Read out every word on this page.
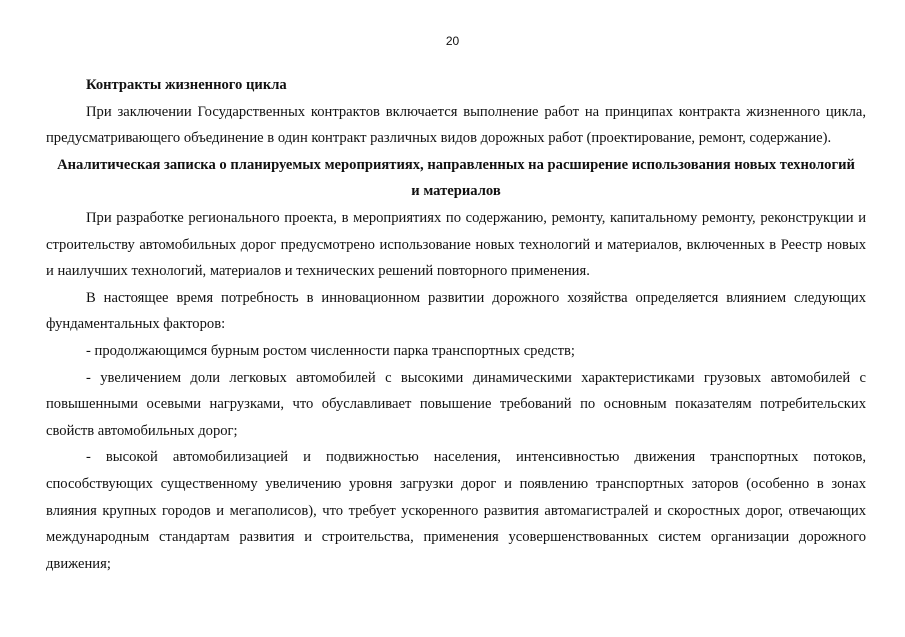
20

Контракты жизненного цикла

При заключении Государственных контрактов включается выполнение работ на принципах контракта жизненного цикла, предусматривающего объединение в один контракт различных видов дорожных работ (проектирование, ремонт, содержание).

Аналитическая записка о планируемых мероприятиях, направленных на расширение использования новых технологий и материалов

При разработке регионального проекта, в мероприятиях по содержанию, ремонту, капитальному ремонту, реконструкции и строительству автомобильных дорог предусмотрено использование новых технологий и материалов, включенных в Реестр новых и наилучших технологий, материалов и технических решений повторного применения.

В настоящее время потребность в инновационном развитии дорожного хозяйства определяется влиянием следующих фундаментальных факторов:

- продолжающимся бурным ростом численности парка транспортных средств;

- увеличением доли легковых автомобилей с высокими динамическими характеристиками грузовых автомобилей с повышенными осевыми нагрузками, что обуславливает повышение требований по основным показателям потребительских свойств автомобильных дорог;

- высокой автомобилизацией и подвижностью населения, интенсивностью движения транспортных потоков, способствующих существенному увеличению уровня загрузки дорог и появлению транспортных заторов (особенно в зонах влияния крупных городов и мегаполисов), что требует ускоренного развития автомагистралей и скоростных дорог, отвечающих международным стандартам развития и строительства, применения усовершенствованных систем организации дорожного движения;
